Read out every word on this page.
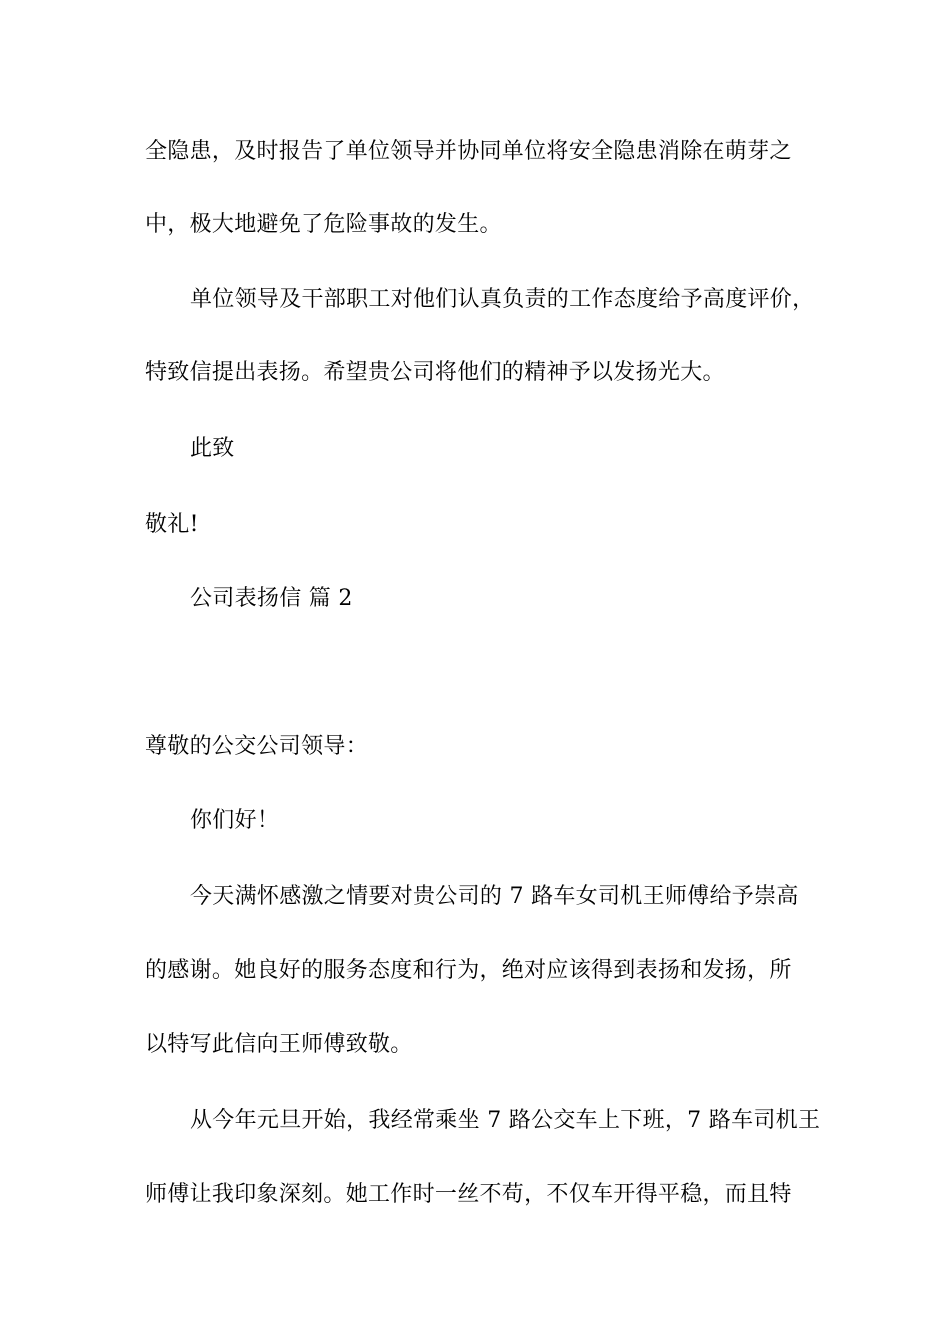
全隐患，及时报告了单位领导并协同单位将安全隐患消除在萌芽之
中，极大地避免了危险事故的发生。
单位领导及干部职工对他们认真负责的工作态度给予高度评价，
特致信提出表扬。希望贵公司将他们的精神予以发扬光大。
此致
敬礼!
公司表扬信 篇 2
尊敬的公交公司领导：
你们好！
今天满怀感激之情要对贵公司的 7 路车女司机王师傅给予崇高
的感谢。她良好的服务态度和行为，绝对应该得到表扬和发扬，所
以特写此信向王师傅致敬。
从今年元旦开始，我经常乘坐 7 路公交车上下班，7 路车司机王
师傅让我印象深刻。她工作时一丝不苟，不仅车开得平稳，而且特
